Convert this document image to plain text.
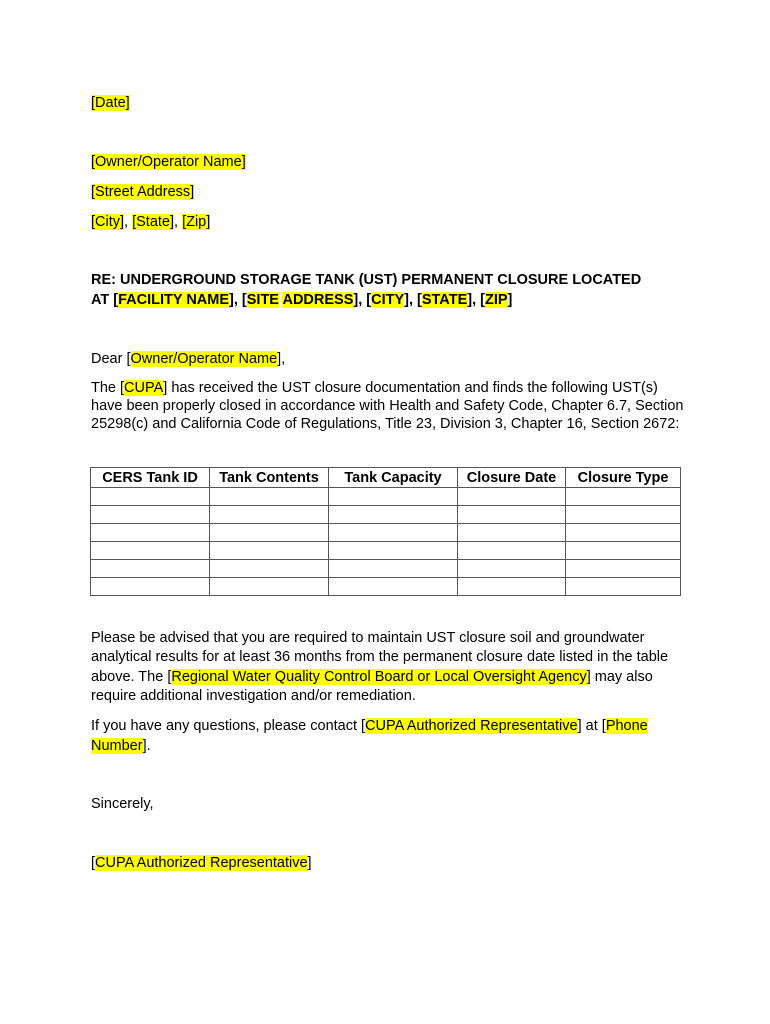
[Date]
[Owner/Operator Name]
[Street Address]
[City], [State], [Zip]
RE: UNDERGROUND STORAGE TANK (UST) PERMANENT CLOSURE LOCATED
AT [FACILITY NAME], [SITE ADDRESS], [CITY], [STATE], [ZIP]
Dear [Owner/Operator Name],
The [CUPA] has received the UST closure documentation and finds the following UST(s) have been properly closed in accordance with Health and Safety Code, Chapter 6.7, Section 25298(c) and California Code of Regulations, Title 23, Division 3, Chapter 16, Section 2672:
CERS Tank ID	Tank Contents	Tank Capacity	Closure Date	Closure Type

Please be advised that you are required to maintain UST closure soil and groundwater analytical results for at least 36 months from the permanent closure date listed in the table above. The [Regional Water Quality Control Board or Local Oversight Agency] may also require additional investigation and/or remediation.
If you have any questions, please contact [CUPA Authorized Representative] at [Phone Number].
Sincerely,
[CUPA Authorized Representative]
